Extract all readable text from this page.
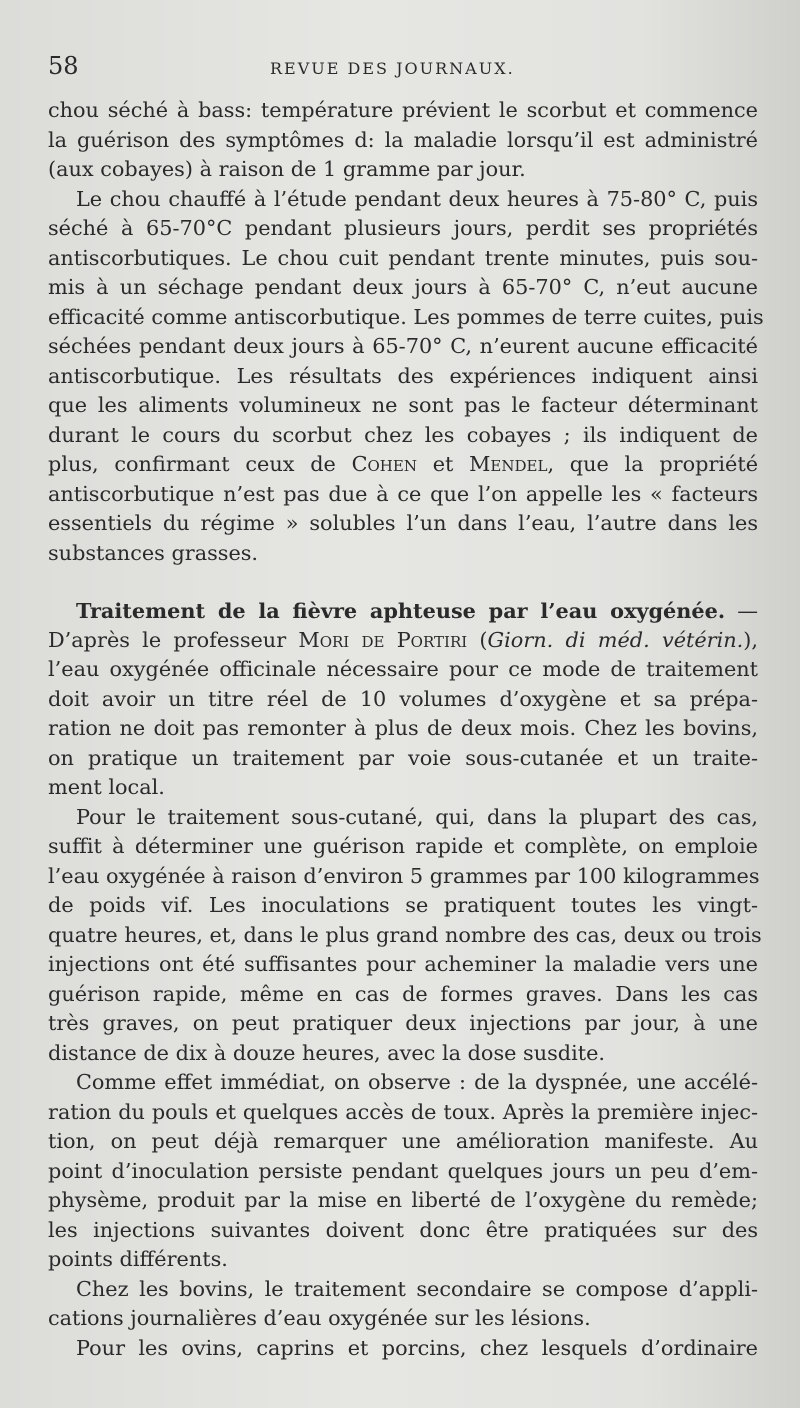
58	REVUE DES JOURNAUX.
chou séché à bass: température prévient le scorbut et commence
la guérison des symptômes d: la maladie lorsqu’il est administré
(aux cobayes) à raison de 1 gramme par jour.
Le chou chauffé à l’étude pendant deux heures à 75-80° C, puis
séché à 65-70°C pendant plusieurs jours, perdit ses propriétés
antiscorbutiques. Le chou cuit pendant trente minutes, puis sou-
mis à un séchage pendant deux jours à 65-70° C, n’eut aucune
efficacité comme antiscorbutique. Les pommes de terre cuites, puis
séchées pendant deux jours à 65-70° C, n’eurent aucune efficacité
antiscorbutique. Les résultats des expériences indiquent ainsi
que les aliments volumineux ne sont pas le facteur déterminant
durant le cours du scorbut chez les cobayes ; ils indiquent de
plus, confirmant ceux de Cohen et Mendel, que la propriété
antiscorbutique n’est pas due à ce que l’on appelle les « facteurs
essentiels du régime » solubles l’un dans l’eau, l’autre dans les
substances grasses.
Traitement de la fièvre aphteuse par l’eau oxygénée. —
D’après le professeur Mori de Portiri (Giorn. di méd. vétérin.),
l’eau oxygénée officinale nécessaire pour ce mode de traitement
doit avoir un titre réel de 10 volumes d’oxygène et sa prépa-
ration ne doit pas remonter à plus de deux mois. Chez les bovins,
on pratique un traitement par voie sous-cutanée et un traite-
ment local.
Pour le traitement sous-cutané, qui, dans la plupart des cas,
suffit à déterminer une guérison rapide et complète, on emploie
l’eau oxygénée à raison d’environ 5 grammes par 100 kilogrammes
de poids vif. Les inoculations se pratiquent toutes les vingt-
quatre heures, et, dans le plus grand nombre des cas, deux ou trois
injections ont été suffisantes pour acheminer la maladie vers une
guérison rapide, même en cas de formes graves. Dans les cas
très graves, on peut pratiquer deux injections par jour, à une
distance de dix à douze heures, avec la dose susdite.
Comme effet immédiat, on observe : de la dyspnée, une accélé-
ration du pouls et quelques accès de toux. Après la première injec-
tion, on peut déjà remarquer une amélioration manifeste. Au
point d’inoculation persiste pendant quelques jours un peu d’em-
physème, produit par la mise en liberté de l’oxygène du remède;
les injections suivantes doivent donc être pratiquées sur des
points différents.
Chez les bovins, le traitement secondaire se compose d’appli-
cations journalières d’eau oxygénée sur les lésions.
Pour les ovins, caprins et porcins, chez lesquels d’ordinaire
